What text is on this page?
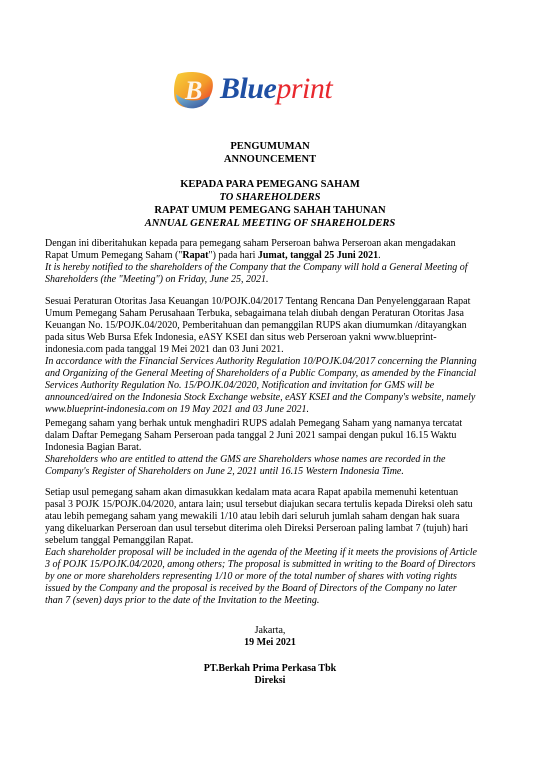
B Blueprint
PENGUMUMAN
ANNOUNCEMENT
KEPADA PARA PEMEGANG SAHAM
TO SHAREHOLDERS
RAPAT UMUM PEMEGANG SAHAH TAHUNAN
ANNUAL GENERAL MEETING OF SHAREHOLDERS
Dengan ini diberitahukan kepada para pemegang saham Perseroan bahwa Perseroan akan mengadakan
Rapat Umum Pemegang Saham ("Rapat") pada hari Jumat, tanggal 25 Juni 2021.
It is hereby notified to the shareholders of the Company that the Company will hold a General Meeting of
Shareholders (the "Meeting") on Friday, June 25, 2021.
Sesuai Peraturan Otoritas Jasa Keuangan 10/POJK.04/2017 Tentang Rencana Dan Penyelenggaraan Rapat
Umum Pemegang Saham Perusahaan Terbuka, sebagaimana telah diubah dengan Peraturan Otoritas Jasa
Keuangan No. 15/POJK.04/2020, Pemberitahuan dan pemanggilan RUPS akan diumumkan /ditayangkan
pada situs Web Bursa Efek Indonesia, eASY KSEI dan situs web Perseroan yakni www.blueprint-
indonesia.com pada tanggal 19 Mei 2021 dan 03 Juni 2021.
In accordance with the Financial Services Authority Regulation 10/POJK.04/2017 concerning the Planning
and Organizing of the General Meeting of Shareholders of a Public Company, as amended by the Financial
Services Authority Regulation No. 15/POJK.04/2020, Notification and invitation for GMS will be
announced/aired on the Indonesia Stock Exchange website, eASY KSEI and the Company's website, namely
www.blueprint-indonesia.com on 19 May 2021 and 03 June 2021.
Pemegang saham yang berhak untuk menghadiri RUPS adalah Pemegang Saham yang namanya tercatat
dalam Daftar Pemegang Saham Perseroan pada tanggal 2 Juni 2021 sampai dengan pukul 16.15 Waktu
Indonesia Bagian Barat.
Shareholders who are entitled to attend the GMS are Shareholders whose names are recorded in the
Company's Register of Shareholders on June 2, 2021 until 16.15 Western Indonesia Time.
Setiap usul pemegang saham akan dimasukkan kedalam mata acara Rapat apabila memenuhi ketentuan
pasal 3 POJK 15/POJK.04/2020, antara lain; usul tersebut diajukan secara tertulis kepada Direksi oleh satu
atau lebih pemegang saham yang mewakili 1/10 atau lebih dari seluruh jumlah saham dengan hak suara
yang dikeluarkan Perseroan dan usul tersebut diterima oleh Direksi Perseroan paling lambat 7 (tujuh) hari
sebelum tanggal Pemanggilan Rapat.
Each shareholder proposal will be included in the agenda of the Meeting if it meets the provisions of Article
3 of POJK 15/POJK.04/2020, among others; The proposal is submitted in writing to the Board of Directors
by one or more shareholders representing 1/10 or more of the total number of shares with voting rights
issued by the Company and the proposal is received by the Board of Directors of the Company no later
than 7 (seven) days prior to the date of the Invitation to the Meeting.
Jakarta,
19 Mei 2021
PT.Berkah Prima Perkasa Tbk
Direksi
